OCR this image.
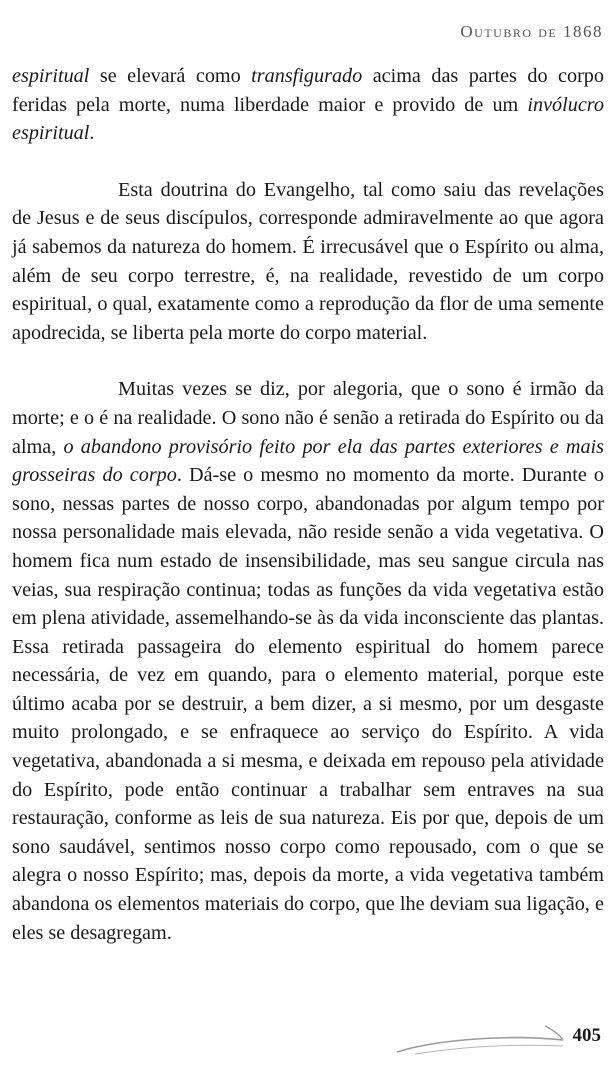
Outubro de 1868

espiritual se elevará como transfigurado acima das partes do corpo feridas pela morte, numa liberdade maior e provido de um invólucro espiritual.

Esta doutrina do Evangelho, tal como saiu das revelações de Jesus e de seus discípulos, corresponde admiravelmente ao que agora já sabemos da natureza do homem. É irrecusável que o Espírito ou alma, além de seu corpo terrestre, é, na realidade, revestido de um corpo espiritual, o qual, exatamente como a reprodução da flor de uma semente apodrecida, se liberta pela morte do corpo material.

Muitas vezes se diz, por alegoria, que o sono é irmão da morte; e o é na realidade. O sono não é senão a retirada do Espírito ou da alma, o abandono provisório feito por ela das partes exteriores e mais grosseiras do corpo. Dá-se o mesmo no momento da morte. Durante o sono, nessas partes de nosso corpo, abandonadas por algum tempo por nossa personalidade mais elevada, não reside senão a vida vegetativa. O homem fica num estado de insensibilidade, mas seu sangue circula nas veias, sua respiração continua; todas as funções da vida vegetativa estão em plena atividade, assemelhando-se às da vida inconsciente das plantas. Essa retirada passageira do elemento espiritual do homem parece necessária, de vez em quando, para o elemento material, porque este último acaba por se destruir, a bem dizer, a si mesmo, por um desgaste muito prolongado, e se enfraquece ao serviço do Espírito. A vida vegetativa, abandonada a si mesma, e deixada em repouso pela atividade do Espírito, pode então continuar a trabalhar sem entraves na sua restauração, conforme as leis de sua natureza. Eis por que, depois de um sono saudável, sentimos nosso corpo como repousado, com o que se alegra o nosso Espírito; mas, depois da morte, a vida vegetativa também abandona os elementos materiais do corpo, que lhe deviam sua ligação, e eles se desagregam.

405
